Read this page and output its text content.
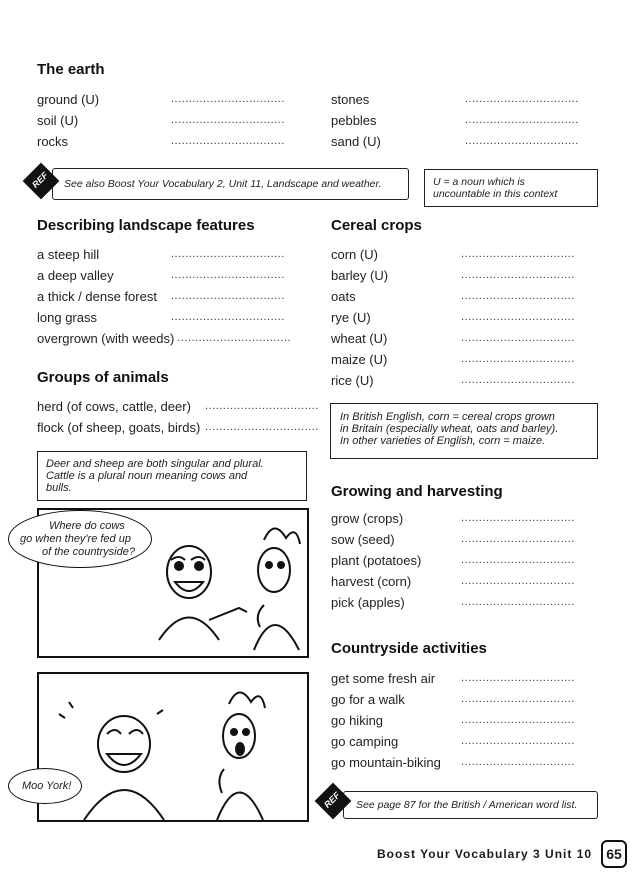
The earth
ground (U)	................................
soil (U)	................................
rocks	................................
stones	................................
pebbles	................................
sand (U)	................................
REF See also Boost Your Vocabulary 2, Unit 11, Landscape and weather.	U = a noun which is
uncountable in this context
Describing landscape features
a steep hill	................................
a deep valley	................................
a thick / dense forest ................................
long grass	................................
overgrown (with weeds) ................................
Groups of animals
herd (of cows, cattle, deer) ................................
flock (of sheep, goats, birds) ................................
Deer and sheep are both singular and plural.
Cattle is a plural noun meaning cows and
bulls.
Cereal crops
corn (U)	................................
barley (U)	................................
oats	................................
rye (U)	................................
wheat (U)	................................
maize (U)	................................
rice (U)	................................
In British English, corn = cereal crops grown
in Britain (especially wheat, oats and barley).
In other varieties of English, corn = maize.
Growing and harvesting
grow (crops)	................................
sow (seed)	................................
plant (potatoes)	................................
harvest (corn)	................................
pick (apples)	................................
Countryside activities
get some fresh air ................................
go for a walk	................................
go hiking	................................
go camping	................................
go mountain-biking ................................
Where do cows
go when they're fed up
of the countryside?
Moo York!
REF See page 87 for the British / American word list.
Boost Your Vocabulary 3 Unit 10	65
